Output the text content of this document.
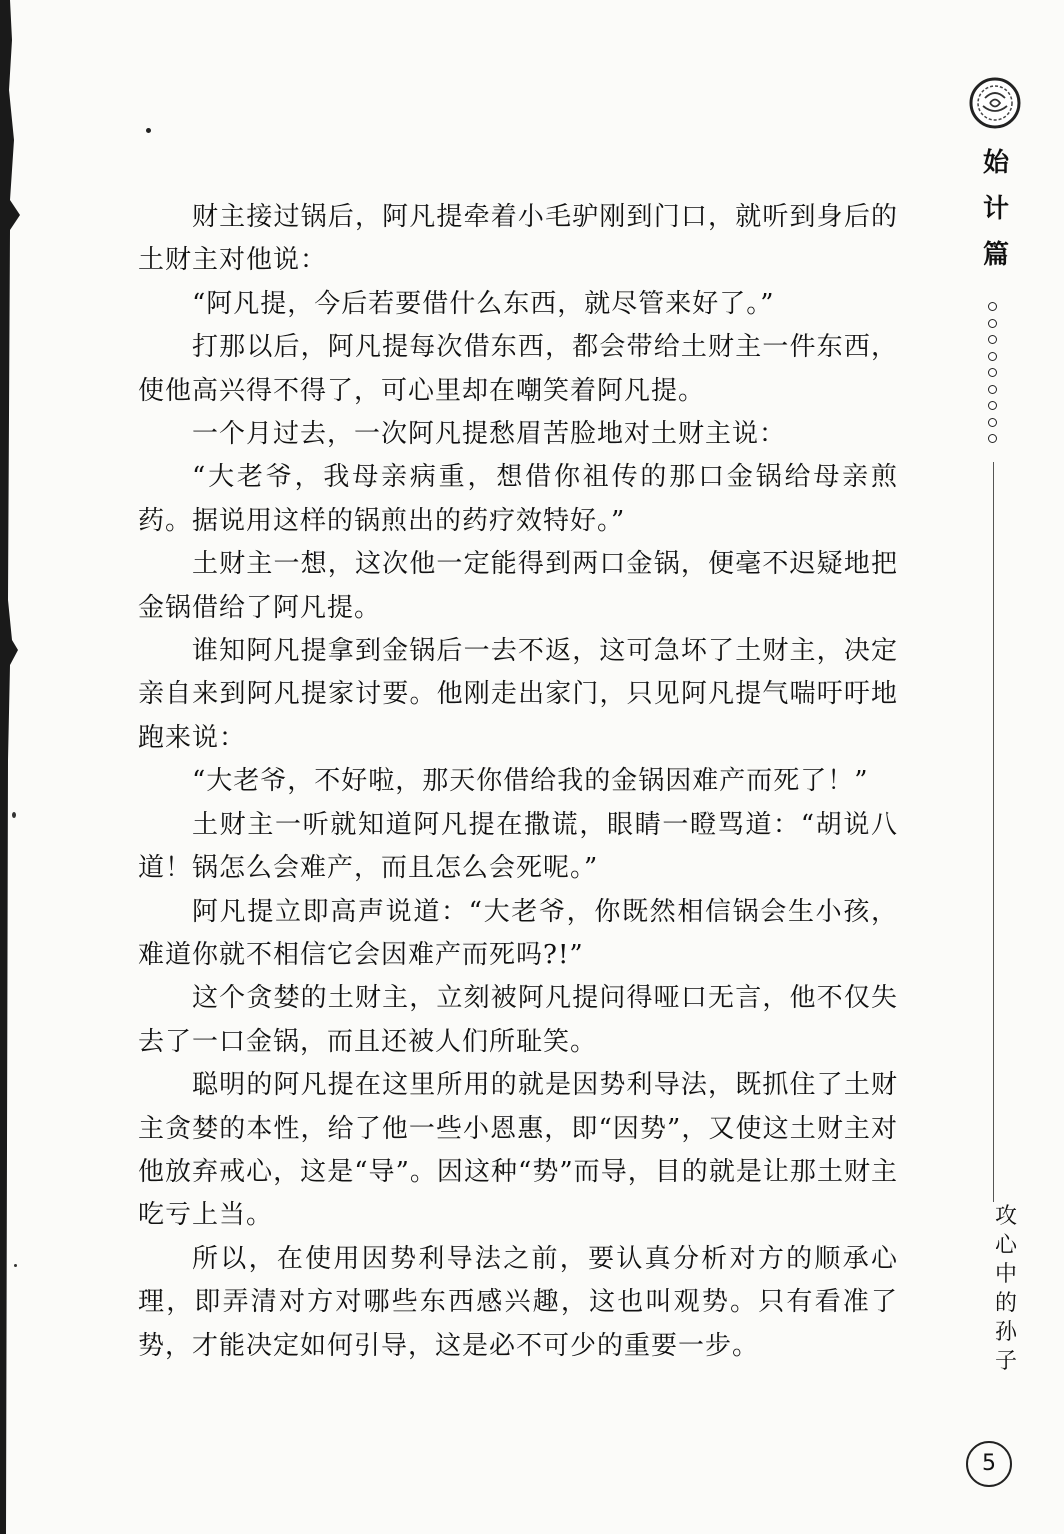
财主接过锅后，阿凡提牵着小毛驴刚到门口，就听到身后的土财主对他说：

“阿凡提，今后若要借什么东西，就尽管来好了。”

打那以后，阿凡提每次借东西，都会带给土财主一件东西，使他高兴得不得了，可心里却在嘲笑着阿凡提。

一个月过去，一次阿凡提愁眉苦脸地对土财主说：

“大老爷，我母亲病重，想借你祖传的那口金锅给母亲煎药。据说用这样的锅煎出的药疗效特好。”

土财主一想，这次他一定能得到两口金锅，便毫不迟疑地把金锅借给了阿凡提。

谁知阿凡提拿到金锅后一去不返，这可急坏了土财主，决定亲自来到阿凡提家讨要。他刚走出家门，只见阿凡提气喘吁吁地跑来说：

“大老爷，不好啦，那天你借给我的金锅因难产而死了！”

土财主一听就知道阿凡提在撒谎，眼睛一瞪骂道：“胡说八道！锅怎么会难产，而且怎么会死呢。”

阿凡提立即高声说道：“大老爷，你既然相信锅会生小孩，难道你就不相信它会因难产而死吗?!”

这个贪婪的土财主，立刻被阿凡提问得哑口无言，他不仅失去了一口金锅，而且还被人们所耻笑。

聪明的阿凡提在这里所用的就是因势利导法，既抓住了土财主贪婪的本性，给了他一些小恩惠，即“因势”，又使这土财主对他放弃戒心，这是“导”。因这种“势”而导，目的就是让那土财主吃亏上当。

所以，在使用因势利导法之前，要认真分析对方的顺承心理，即弄清对方对哪些东西感兴趣，这也叫观势。只有看准了势，才能决定如何引导，这是必不可少的重要一步。

始
计
篇
攻
心
中
的
孙
子
5
